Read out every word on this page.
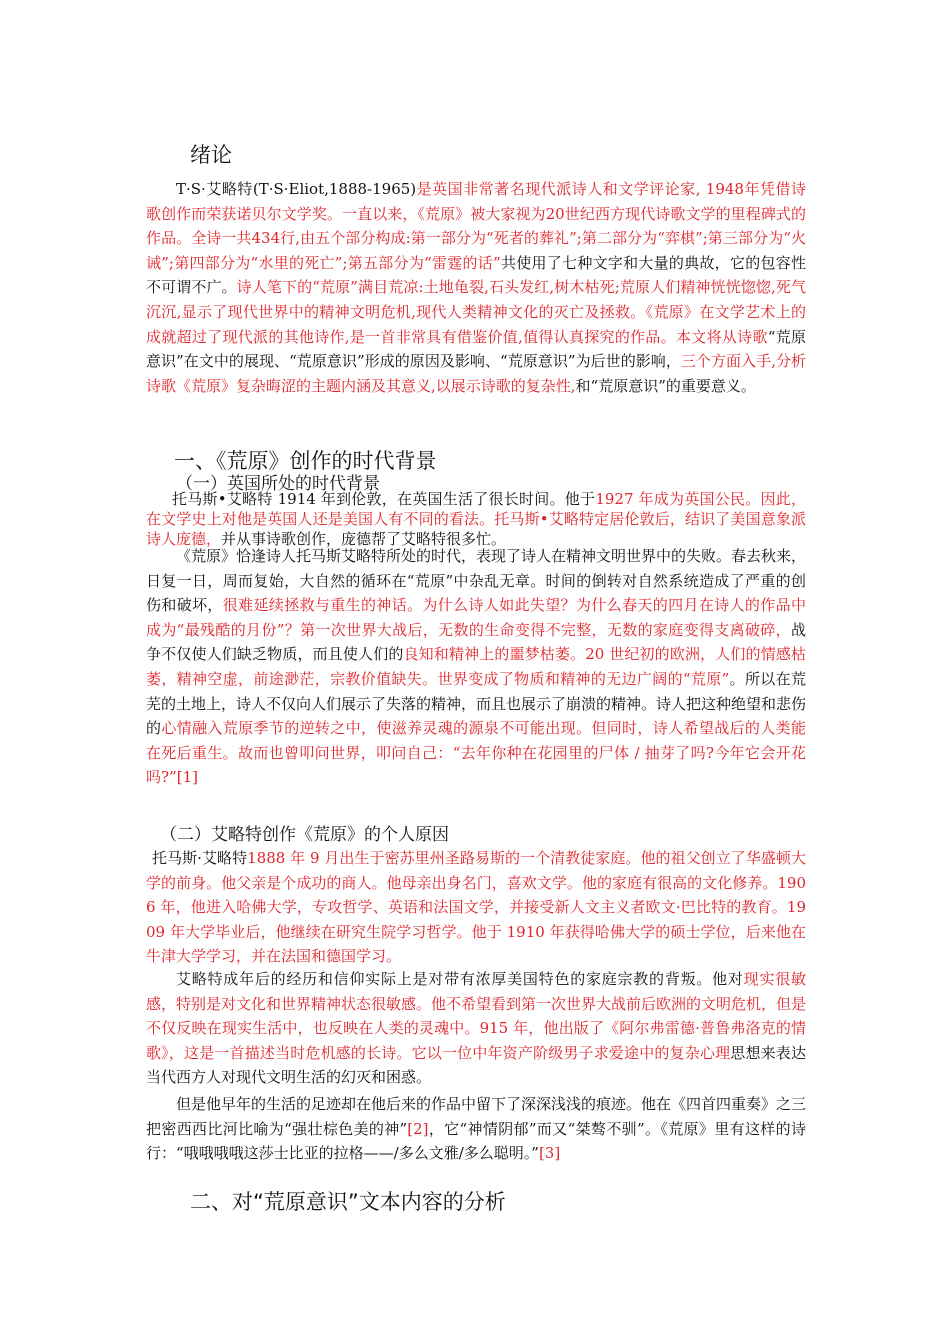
绪论
T·S·艾略特(T·S·Eliot,1888-1965)是英国非常著名现代派诗人和文学评论家, 1948年凭借诗歌创作而荣获诺贝尔文学奖。一直以来，《荒原》被大家视为20世纪西方现代诗歌文学的里程碑式的作品。全诗一共434行,由五个部分构成:第一部分为“死者的葬礼”;第二部分为“弈棋”;第三部分为“火诫”;第四部分为“水里的死亡”;第五部分为“雷霆的话”共使用了七种文字和大量的典故，它的包容性不可谓不广。诗人笔下的“荒原”满目荒凉:土地龟裂,石头发红,树木枯死;荒原人们精神恍恍惚惚,死气沉沉,显示了现代世界中的精神文明危机,现代人类精神文化的灭亡及拯救。《荒原》在文学艺术上的成就超过了现代派的其他诗作,是一首非常具有借鉴价值,值得认真探究的作品。本文将从诗歌“荒原意识”在文中的展现、“荒原意识”形成的原因及影响、“荒原意识”为后世的影响，三个方面入手,分析诗歌《荒原》复杂晦涩的主题内涵及其意义,以展示诗歌的复杂性,和“荒原意识”的重要意义。
一、《荒原》创作的时代背景
（一）英国所处的时代背景
托马斯•艾略特 1914 年到伦敦，在英国生活了很长时间。他于1927 年成为英国公民。因此，在文学史上对他是英国人还是美国人有不同的看法。托马斯•艾略特定居伦敦后，结识了美国意象派诗人庞德，并从事诗歌创作，庞德帮了艾略特很多忙。
《荒原》恰逢诗人托马斯艾略特所处的时代，表现了诗人在精神文明世界中的失败。春去秋来，日复一日，周而复始，大自然的循环在“荒原”中杂乱无章。时间的倒转对自然系统造成了严重的创伤和破坏，很难延续拯救与重生的神话。为什么诗人如此失望？为什么春天的四月在诗人的作品中成为“最残酷的月份”？第一次世界大战后，无数的生命变得不完整，无数的家庭变得支离破碎，战争不仅使人们缺乏物质，而且使人们的良知和精神上的噩梦枯萎。20 世纪初的欧洲，人们的情感枯萎，精神空虚，前途渺茫，宗教价值缺失。世界变成了物质和精神的无边广阔的“荒原”。所以在荒芜的土地上，诗人不仅向人们展示了失落的精神，而且也展示了崩溃的精神。诗人把这种绝望和悲伤的心情融入荒原季节的逆转之中，使滋养灵魂的源泉不可能出现。但同时，诗人希望战后的人类能在死后重生。故而也曾叩问世界，叩问自己：“去年你种在花园里的尸体 / 抽芽了吗?今年它会开花吗?”[1]
（二）艾略特创作《荒原》的个人原因
托马斯·艾略特1888 年 9 月出生于密苏里州圣路易斯的一个清教徒家庭。他的祖父创立了华盛顿大学的前身。他父亲是个成功的商人。他母亲出身名门，喜欢文学。他的家庭有很高的文化修养。1906 年，他进入哈佛大学，专攻哲学、英语和法国文学，并接受新人文主义者欧文·巴比特的教育。1909 年大学毕业后，他继续在研究生院学习哲学。他于 1910 年获得哈佛大学的硕士学位，后来他在牛津大学学习，并在法国和德国学习。
艾略特成年后的经历和信仰实际上是对带有浓厚美国特色的家庭宗教的背叛。他对现实很敏感，特别是对文化和世界精神状态很敏感。他不希望看到第一次世界大战前后欧洲的文明危机，但是不仅反映在现实生活中，也反映在人类的灵魂中。915 年，他出版了《阿尔弗雷德·普鲁弗洛克的情歌》，这是一首描述当时危机感的长诗。它以一位中年资产阶级男子求爱途中的复杂心理思想来表达当代西方人对现代文明生活的幻灭和困惑。
但是他早年的生活的足迹却在他后来的作品中留下了深深浅浅的痕迹。他在《四首四重奏》之三把密西西比河比喻为“强壮棕色美的神”[2]，它“神情阴郁”而又“桀骜不驯”。《荒原》里有这样的诗行：“哦哦哦哦这莎士比亚的拉格——/多么文雅/多么聪明。”[3]
二、对“荒原意识”文本内容的分析
